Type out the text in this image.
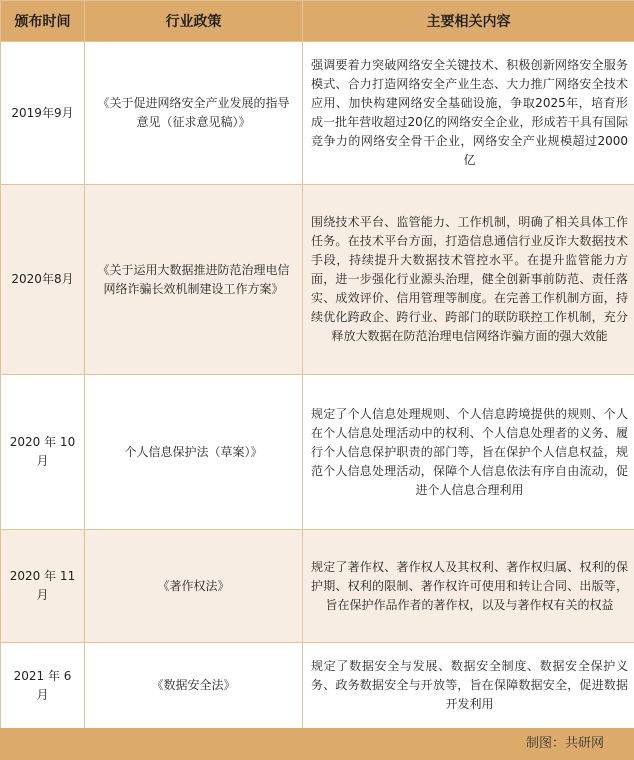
颁布时间	行业政策	主要相关内容
2019年9月	《关于促进网络安全产业发展的指导意见（征求意见稿）》	强调要着力突破网络安全关键技术、积极创新网络安全服务模式、合力打造网络安全产业生态、大力推广网络安全技术应用、加快构建网络安全基础设施，争取2025年，培育形成一批年营收超过20亿的网络安全企业，形成若干具有国际竞争力的网络安全骨干企业，网络安全产业规模超过2000亿
2020年8月	《关于运用大数据推进防范治理电信网络诈骗长效机制建设工作方案》	围绕技术平台、监管能力、工作机制，明确了相关具体工作任务。在技术平台方面，打造信息通信行业反诈大数据技术手段，持续提升大数据技术管控水平。在提升监管能力方面，进一步强化行业源头治理，健全创新事前防范、责任落实、成效评价、信用管理等制度。在完善工作机制方面，持续优化跨政企、跨行业、跨部门的联防联控工作机制，充分释放大数据在防范治理电信网络诈骗方面的强大效能
2020 年 10 月	个人信息保护法（草案）》	规定了个人信息处理规则、个人信息跨境提供的规则、个人在个人信息处理活动中的权利、个人信息处理者的义务、履行个人信息保护职责的部门等，旨在保护个人信息权益，规范个人信息处理活动，保障个人信息依法有序自由流动，促进个人信息合理利用
2020 年 11 月	《著作权法》	规定了著作权、著作权人及其权利、著作权归属、权利的保护期、权利的限制、著作权许可使用和转让合同、出版等，旨在保护作品作者的著作权，以及与著作权有关的权益
2021 年 6 月	《数据安全法》	规定了数据安全与发展、数据安全制度、数据安全保护义务、政务数据安全与开放等，旨在保障数据安全，促进数据开发利用
制图：共研网
